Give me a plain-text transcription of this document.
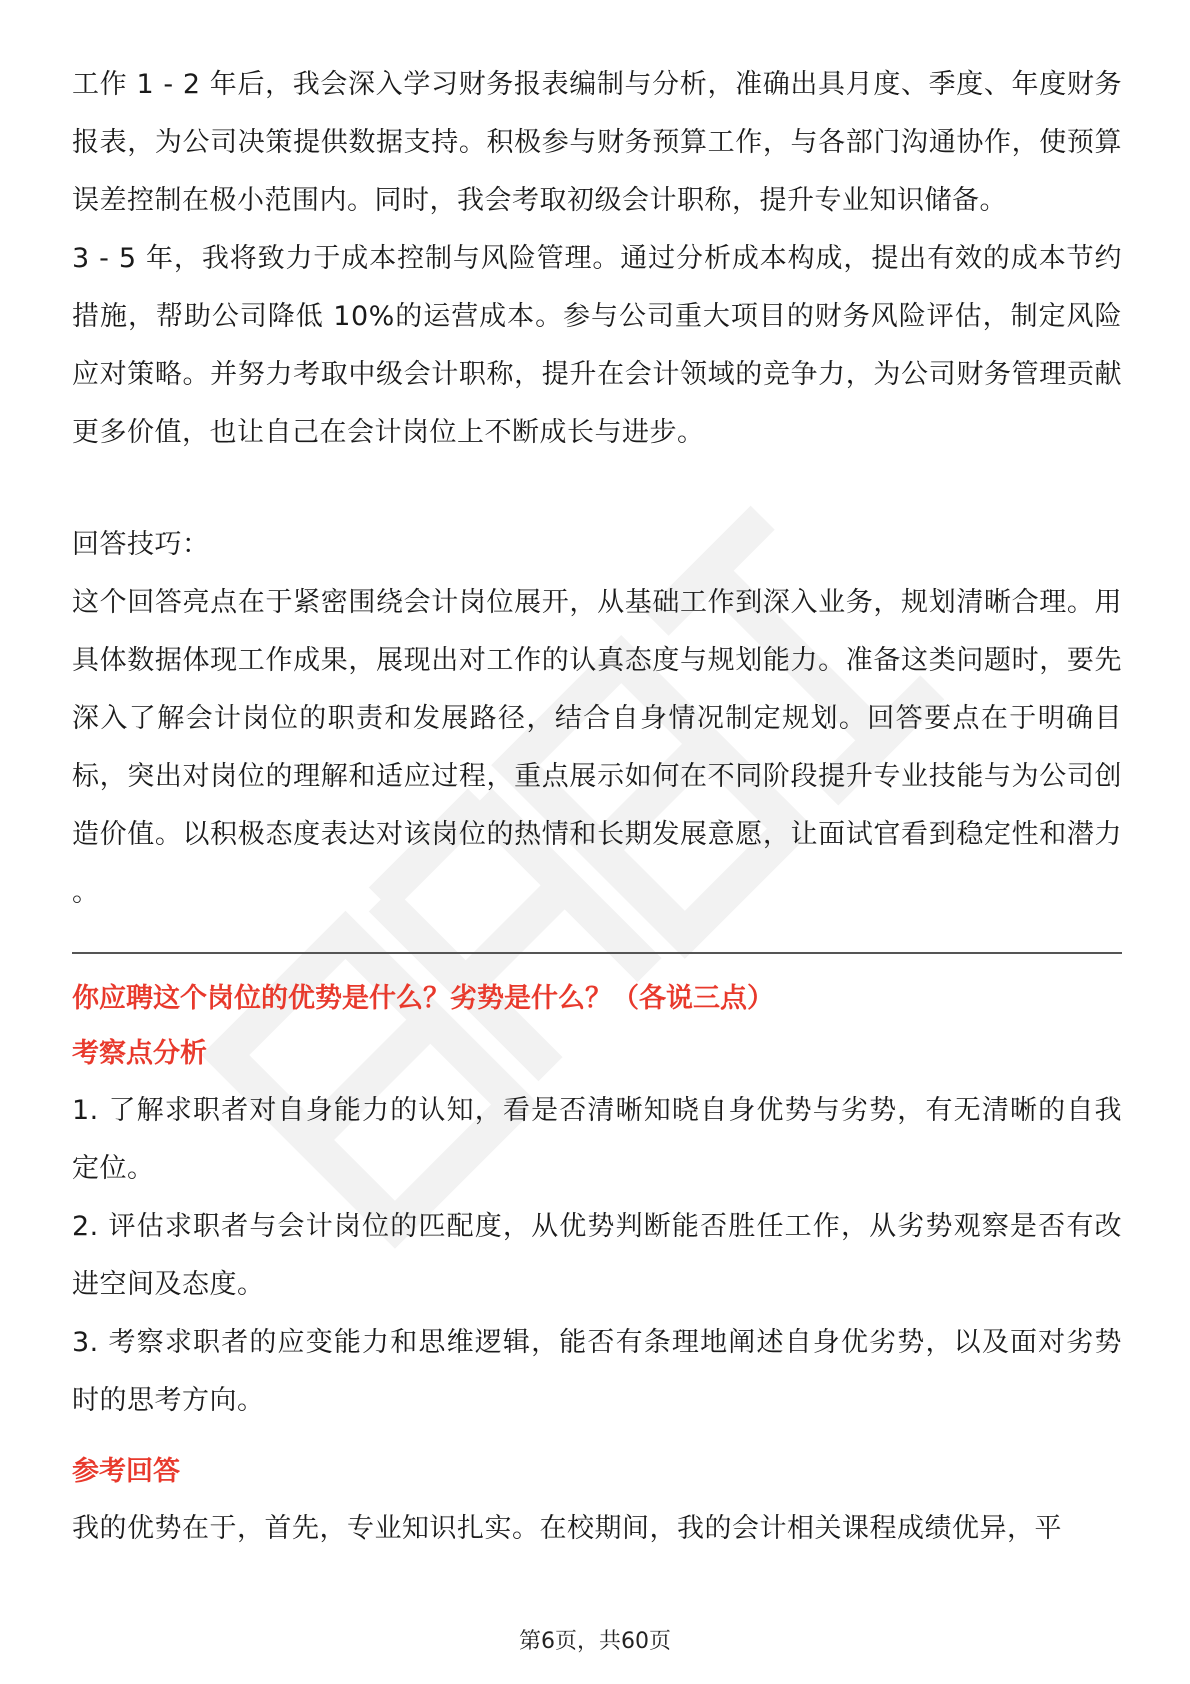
工作 1 - 2 年后，我会深入学习财务报表编制与分析，准确出具月度、季度、年度财务报表，为公司决策提供数据支持。积极参与财务预算工作，与各部门沟通协作，使预算误差控制在极小范围内。同时，我会考取初级会计职称，提升专业知识储备。

3 - 5 年，我将致力于成本控制与风险管理。通过分析成本构成，提出有效的成本节约措施，帮助公司降低 10%的运营成本。参与公司重大项目的财务风险评估，制定风险应对策略。并努力考取中级会计职称，提升在会计领域的竞争力，为公司财务管理贡献更多价值，也让自己在会计岗位上不断成长与进步。

回答技巧：

这个回答亮点在于紧密围绕会计岗位展开，从基础工作到深入业务，规划清晰合理。用具体数据体现工作成果，展现出对工作的认真态度与规划能力。准备这类问题时，要先深入了解会计岗位的职责和发展路径，结合自身情况制定规划。回答要点在于明确目标，突出对岗位的理解和适应过程，重点展示如何在不同阶段提升专业技能与为公司创造价值。以积极态度表达对该岗位的热情和长期发展意愿，让面试官看到稳定性和潜力 。

你应聘这个岗位的优势是什么？劣势是什么？（各说三点）
考察点分析

1. 了解求职者对自身能力的认知，看是否清晰知晓自身优势与劣势，有无清晰的自我定位。

2. 评估求职者与会计岗位的匹配度，从优势判断能否胜任工作，从劣势观察是否有改进空间及态度。

3. 考察求职者的应变能力和思维逻辑，能否有条理地阐述自身优劣势，以及面对劣势时的思考方向。

参考回答

我的优势在于，首先，专业知识扎实。在校期间，我的会计相关课程成绩优异，平

第6页，共60页
